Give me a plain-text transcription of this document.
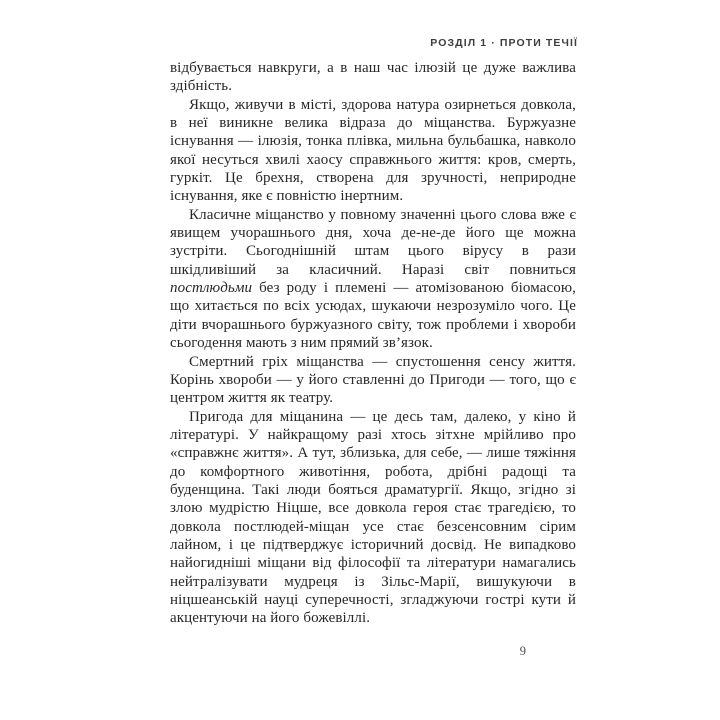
РОЗДІЛ 1 · ПРОТИ ТЕЧІЇ

відбувається навкруги, а в наш час ілюзій це дуже важлива здібність.

Якщо, живучи в місті, здорова натура озирнеться довкола, в неї виникне велика відраза до міщанства. Буржуазне існування — ілюзія, тонка плівка, мильна бульбашка, навколо якої несуться хвилі хаосу справжнього життя: кров, смерть, гуркіт. Це брехня, створена для зручності, неприродне існування, яке є повністю інертним.

Класичне міщанство у повному значенні цього слова вже є явищем учорашнього дня, хоча де-не-де його ще можна зустріти. Сьогоднішній штам цього вірусу в рази шкідливіший за класичний. Наразі світ повниться постлюдьми без роду і племені — атомізованою біомасою, що хитається по всіх усюдах, шукаючи незрозуміло чого. Це діти вчорашнього буржуазного світу, тож проблеми і хвороби сьогодення мають з ним прямий зв’язок.

Смертний гріх міщанства — спустошення сенсу життя. Корінь хвороби — у його ставленні до Пригоди — того, що є центром життя як театру.

Пригода для міщанина — це десь там, далеко, у кіно й літературі. У найкращому разі хтось зітхне мрійливо про «справжнє життя». А тут, зблизька, для себе, — лише тяжіння до комфортного животіння, робота, дрібні радощі та буденщина. Такі люди бояться драматургії. Якщо, згідно зі злою мудрістю Ніцше, все довкола героя стає трагедією, то довкола постлюдей-міщан усе стає безсенсовним сірим лайном, і це підтверджує історичний досвід. Не випадково найогидніші міщани від філософії та літератури намагались нейтралізувати мудреця із Зільс-Марії, вишукуючи в ніцшеанській науці суперечності, згладжуючи гострі кути й акцентуючи на його божевіллі.

9
